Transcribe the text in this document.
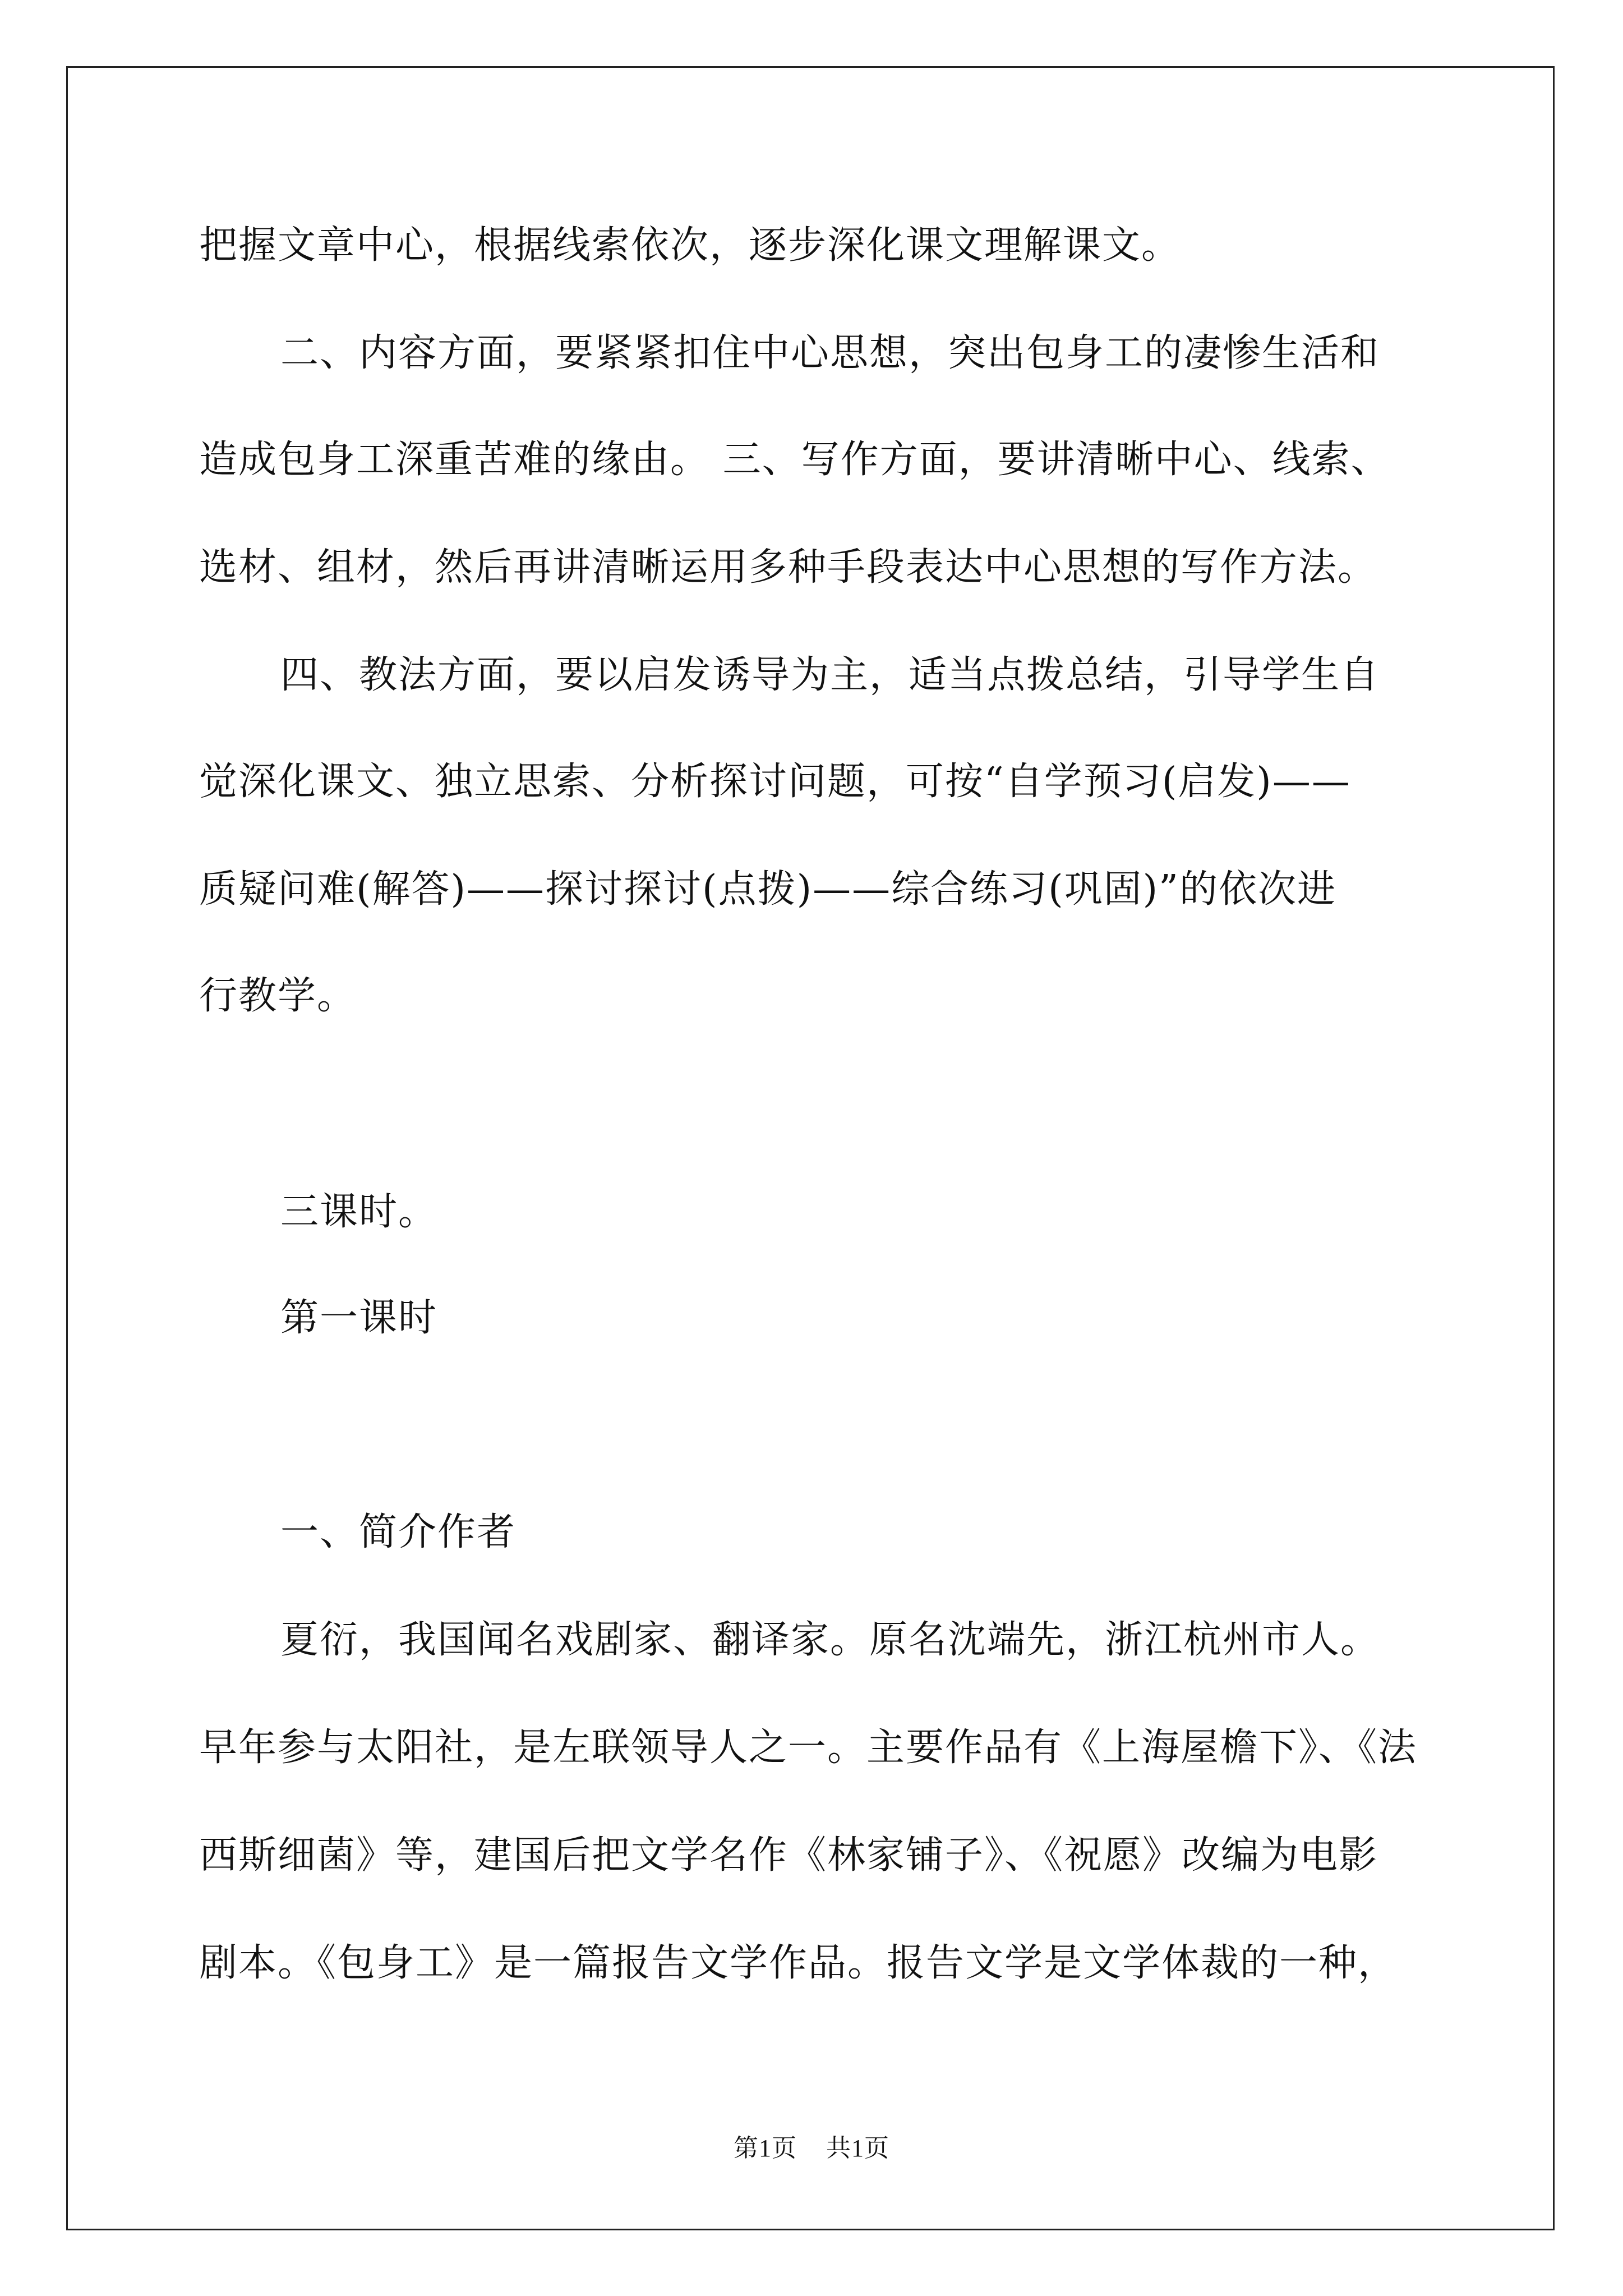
把握文章中心，根据线索依次，逐步深化课文理解课文。
二、内容方面，要紧紧扣住中心思想，突出包身工的凄惨生活和
造成包身工深重苦难的缘由。 三、写作方面，要讲清晰中心、线索、
选材、组材，然后再讲清晰运用多种手段表达中心思想的写作方法。
四、教法方面，要以启发诱导为主，适当点拨总结，引导学生自
觉深化课文、独立思索、分析探讨问题，可按“自学预习(启发)——
质疑问难(解答)——探讨探讨(点拨)——综合练习(巩固)”的依次进
行教学。
三课时。
第一课时
一、简介作者
夏衍，我国闻名戏剧家、翻译家。原名沈端先，浙江杭州市人。
早年参与太阳社，是左联领导人之一。主要作品有《上海屋檐下》、《法
西斯细菌》等，建国后把文学名作《林家铺子》、《祝愿》改编为电影
剧本。《包身工》是一篇报告文学作品。报告文学是文学体裁的一种，
第1页 共1页
